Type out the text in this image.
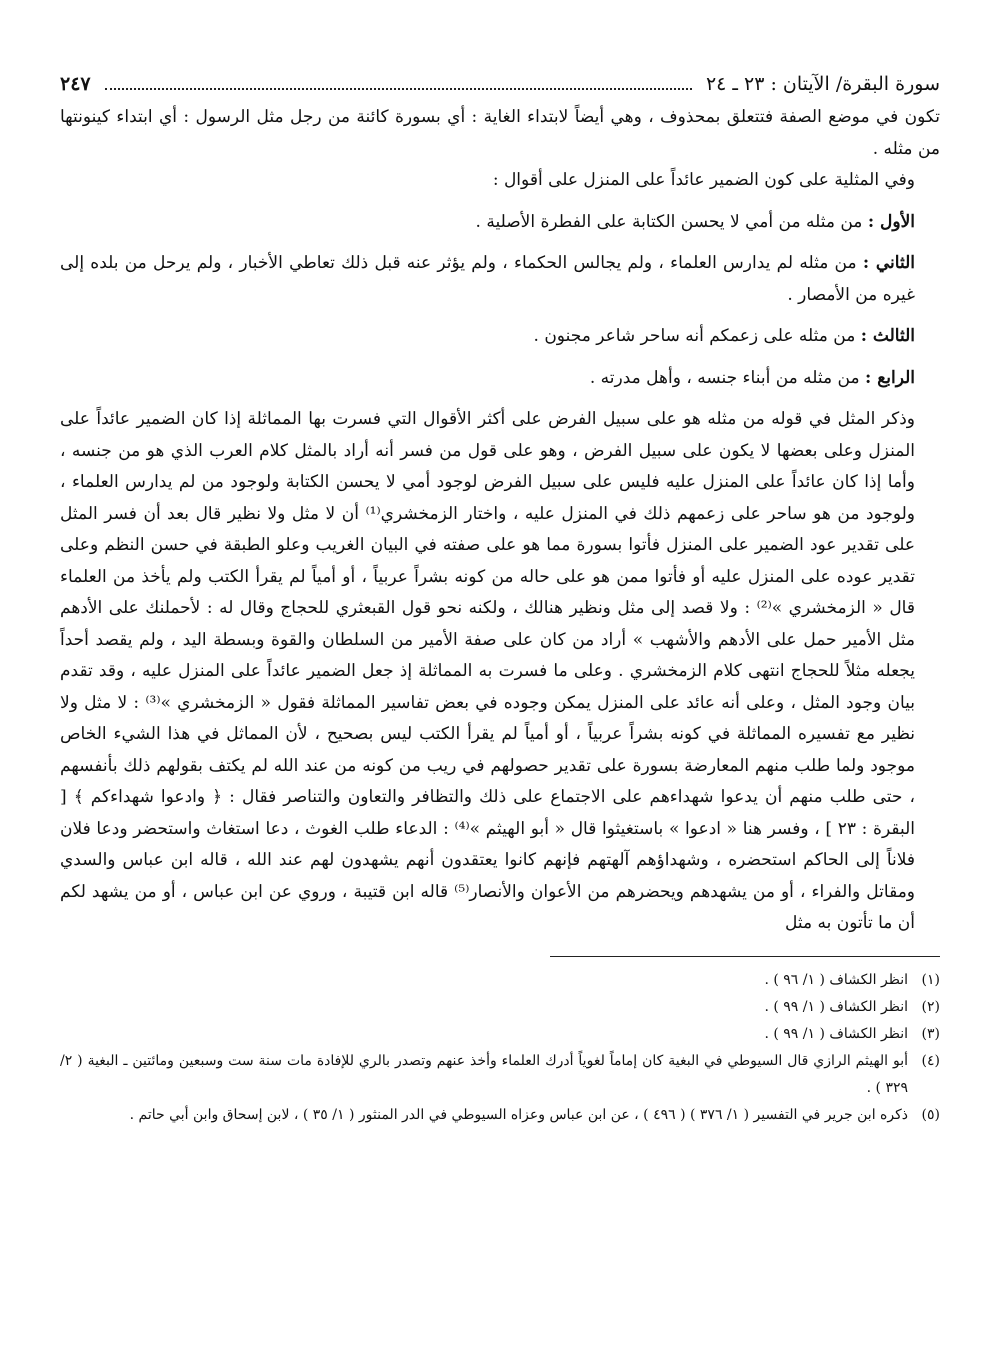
سورة البقرة/ الآيتان : ٢٣ ـ ٢٤
٢٤٧

تكون في موضع الصفة فتتعلق بمحذوف ، وهي أيضاً لابتداء الغاية : أي بسورة كائنة من رجل مثل الرسول : أي ابتداء كينونتها من مثله .

وفي المثلية على كون الضمير عائداً على المنزل على أقوال :

الأول : من مثله من أمي لا يحسن الكتابة على الفطرة الأصلية .

الثاني : من مثله لم يدارس العلماء ، ولم يجالس الحكماء ، ولم يؤثر عنه قبل ذلك تعاطي الأخبار ، ولم يرحل من بلده إلى غيره من الأمصار .

الثالث : من مثله على زعمكم أنه ساحر شاعر مجنون .

الرابع : من مثله من أبناء جنسه ، وأهل مدرته .

وذكر المثل في قوله من مثله هو على سبيل الفرض على أكثر الأقوال التي فسرت بها المماثلة إذا كان الضمير عائداً على المنزل وعلى بعضها لا يكون على سبيل الفرض ، وهو على قول من فسر أنه أراد بالمثل كلام العرب الذي هو من جنسه ، وأما إذا كان عائداً على المنزل عليه فليس على سبيل الفرض لوجود أمي لا يحسن الكتابة ولوجود من لم يدارس العلماء ، ولوجود من هو ساحر على زعمهم ذلك في المنزل عليه ، واختار الزمخشري⁽¹⁾ أن لا مثل ولا نظير قال بعد أن فسر المثل على تقدير عود الضمير على المنزل فأتوا بسورة مما هو على صفته في البيان الغريب وعلو الطبقة في حسن النظم وعلى تقدير عوده على المنزل عليه أو فأتوا ممن هو على حاله من كونه بشراً عربياً ، أو أمياً لم يقرأ الكتب ولم يأخذ من العلماء قال « الزمخشري »⁽²⁾ : ولا قصد إلى مثل ونظير هنالك ، ولكنه نحو قول القبعثري للحجاج وقال له : لأحملنك على الأدهم مثل الأمير حمل على الأدهم والأشهب » أراد من كان على صفة الأمير من السلطان والقوة وبسطة اليد ، ولم يقصد أحداً يجعله مثلاً للحجاج انتهى كلام الزمخشري . وعلى ما فسرت به المماثلة إذ جعل الضمير عائداً على المنزل عليه ، وقد تقدم بيان وجود المثل ، وعلى أنه عائد على المنزل يمكن وجوده في بعض تفاسير المماثلة فقول « الزمخشري »⁽³⁾ : لا مثل ولا نظير مع تفسيره المماثلة في كونه بشراً عربياً ، أو أمياً لم يقرأ الكتب ليس بصحيح ، لأن المماثل في هذا الشيء الخاص موجود ولما طلب منهم المعارضة بسورة على تقدير حصولهم في ريب من كونه من عند الله لم يكتف بقولهم ذلك بأنفسهم ، حتى طلب منهم أن يدعوا شهداءهم على الاجتماع على ذلك والتظافر والتعاون والتناصر فقال : ﴿ وادعوا شهداءكم ﴾ [ البقرة : ٢٣ ] ، وفسر هنا « ادعوا » باستغيثوا قال « أبو الهيثم »⁽⁴⁾ : الدعاء طلب الغوث ، دعا استغاث واستحضر ودعا فلان فلاناً إلى الحاكم استحضره ، وشهداؤهم آلهتهم فإنهم كانوا يعتقدون أنهم يشهدون لهم عند الله ، قاله ابن عباس والسدي ومقاتل والفراء ، أو من يشهدهم ويحضرهم من الأعوان والأنصار⁽⁵⁾ قاله ابن قتيبة ، وروي عن ابن عباس ، أو من يشهد لكم أن ما تأتون به مثل

(١)
انظر الكشاف ( ١/ ٩٦ ) .
(٢)
انظر الكشاف ( ١/ ٩٩ ) .
(٣)
انظر الكشاف ( ١/ ٩٩ ) .
(٤)
أبو الهيثم الرازي قال السيوطي في البغية كان إماماً لغوياً أدرك العلماء وأخذ عنهم وتصدر بالري للإفادة مات سنة ست وسبعين ومائتين ـ البغية ( ٢/ ٣٢٩ ) .
(٥)
ذكره ابن جرير في التفسير ( ١/ ٣٧٦ ) ( ٤٩٦ ) ، عن ابن عباس وعزاه السيوطي في الدر المنثور ( ١/ ٣٥ ) ، لابن إسحاق وابن أبي حاتم .
